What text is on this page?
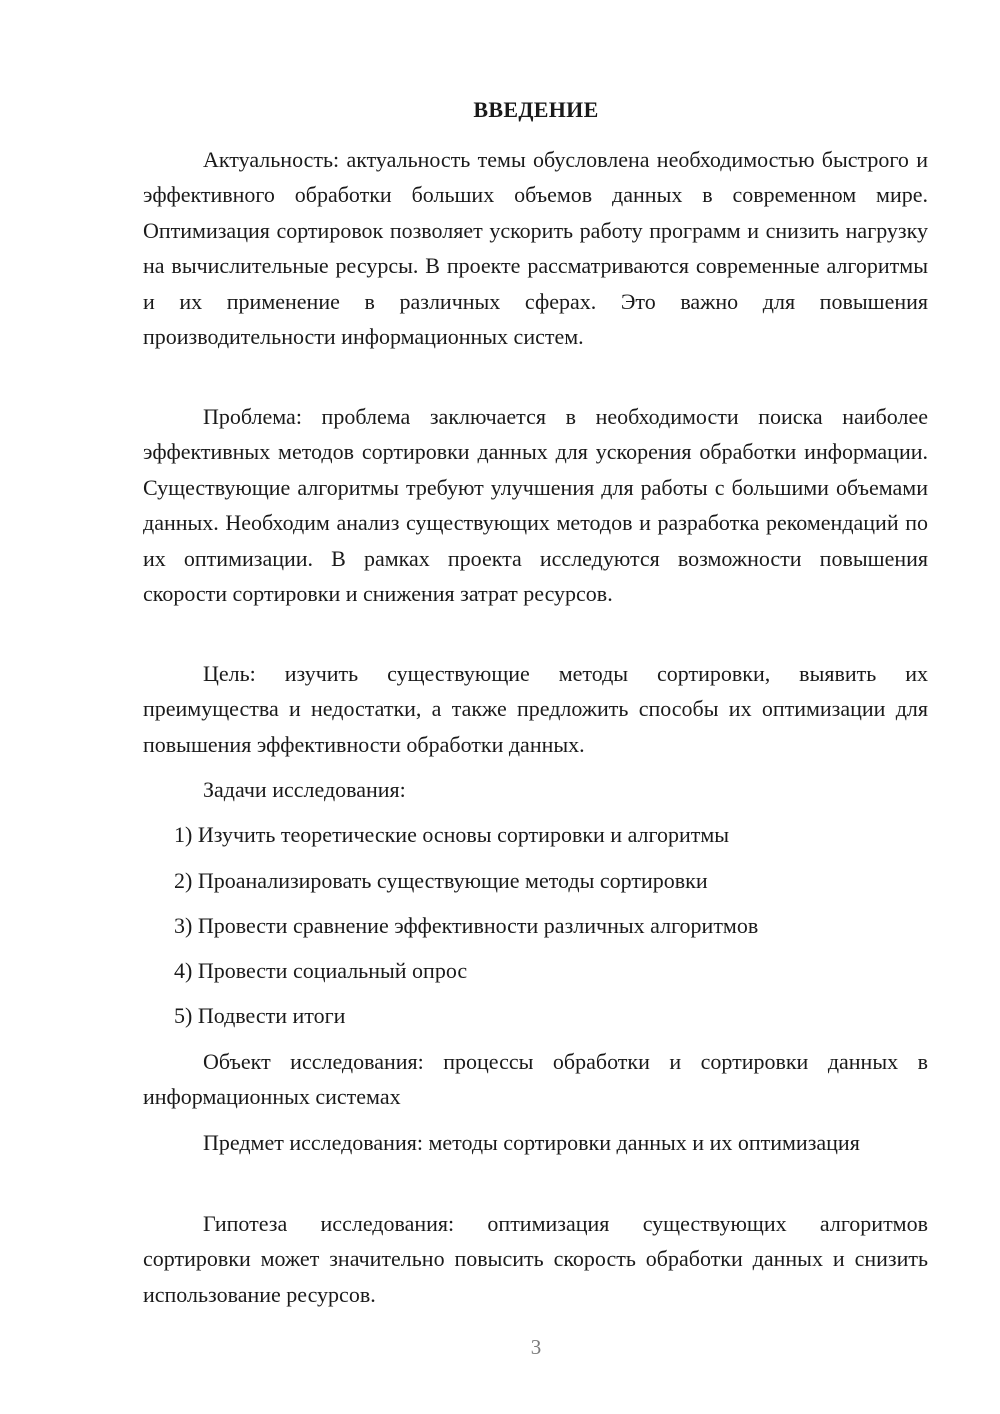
ВВЕДЕНИЕ

Актуальность: актуальность темы обусловлена необходимостью быстрого и эффективного обработки больших объемов данных в современном мире. Оптимизация сортировок позволяет ускорить работу программ и снизить нагрузку на вычислительные ресурсы. В проекте рассматриваются современные алгоритмы и их применение в различных сферах. Это важно для повышения производительности информационных систем.

Проблема: проблема заключается в необходимости поиска наиболее эффективных методов сортировки данных для ускорения обработки информации. Существующие алгоритмы требуют улучшения для работы с большими объемами данных. Необходим анализ существующих методов и разработка рекомендаций по их оптимизации. В рамках проекта исследуются возможности повышения скорости сортировки и снижения затрат ресурсов.

Цель: изучить существующие методы сортировки, выявить их преимущества и недостатки, а также предложить способы их оптимизации для повышения эффективности обработки данных.

Задачи исследования:
1) Изучить теоретические основы сортировки и алгоритмы
2) Проанализировать существующие методы сортировки
3) Провести сравнение эффективности различных алгоритмов
4) Провести социальный опрос
5) Подвести итоги

Объект исследования: процессы обработки и сортировки данных в информационных системах

Предмет исследования: методы сортировки данных и их оптимизация

Гипотеза исследования: оптимизация существующих алгоритмов сортировки может значительно повысить скорость обработки данных и снизить использование ресурсов.

3
